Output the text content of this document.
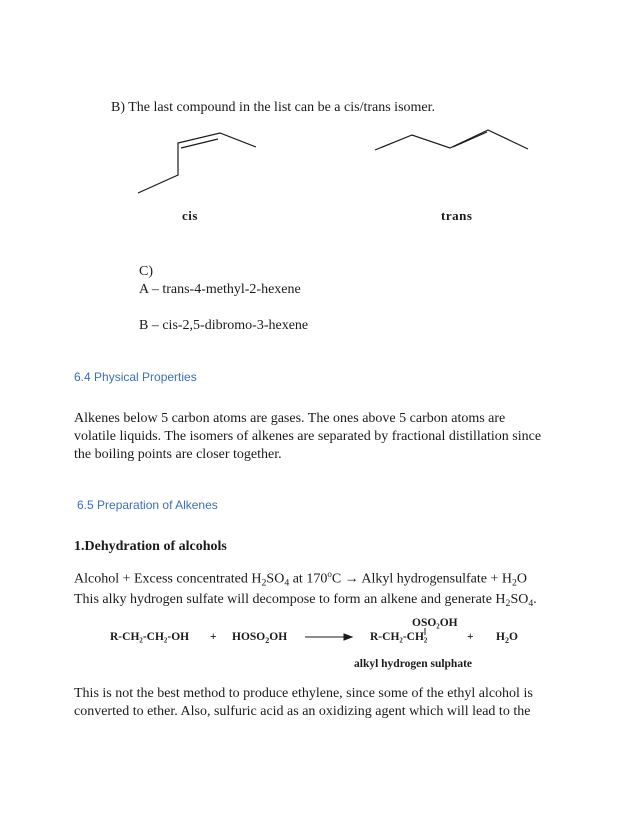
B) The last compound in the list can be a cis/trans isomer.
cis	trans
C)
A – trans-4-methyl-2-hexene
B – cis-2,5-dibromo-3-hexene
6.4 Physical Properties
Alkenes below 5 carbon atoms are gases. The ones above 5 carbon atoms are
volatile liquids. The isomers of alkenes are separated by fractional distillation since
the boiling points are closer together.
6.5 Preparation of Alkenes
1.Dehydration of alcohols
Alcohol + Excess concentrated $H_2SO_4$ at $170^oC$ → Alkyl hydrogensulfate + $H_2O$
This alky hydrogen sulfate will decompose to form an alkene and generate $H_2SO_4$.
$R-CH_2-CH_2-OH + HOSO_2OH$ →
OSO₂OH
R-CH₂-CH₂	+ $H_2O$
alkyl hydrogen sulphate
This is not the best method to produce ethylene, since some of the ethyl alcohol is
converted to ether. Also, sulfuric acid as an oxidizing agent which will lead to the
